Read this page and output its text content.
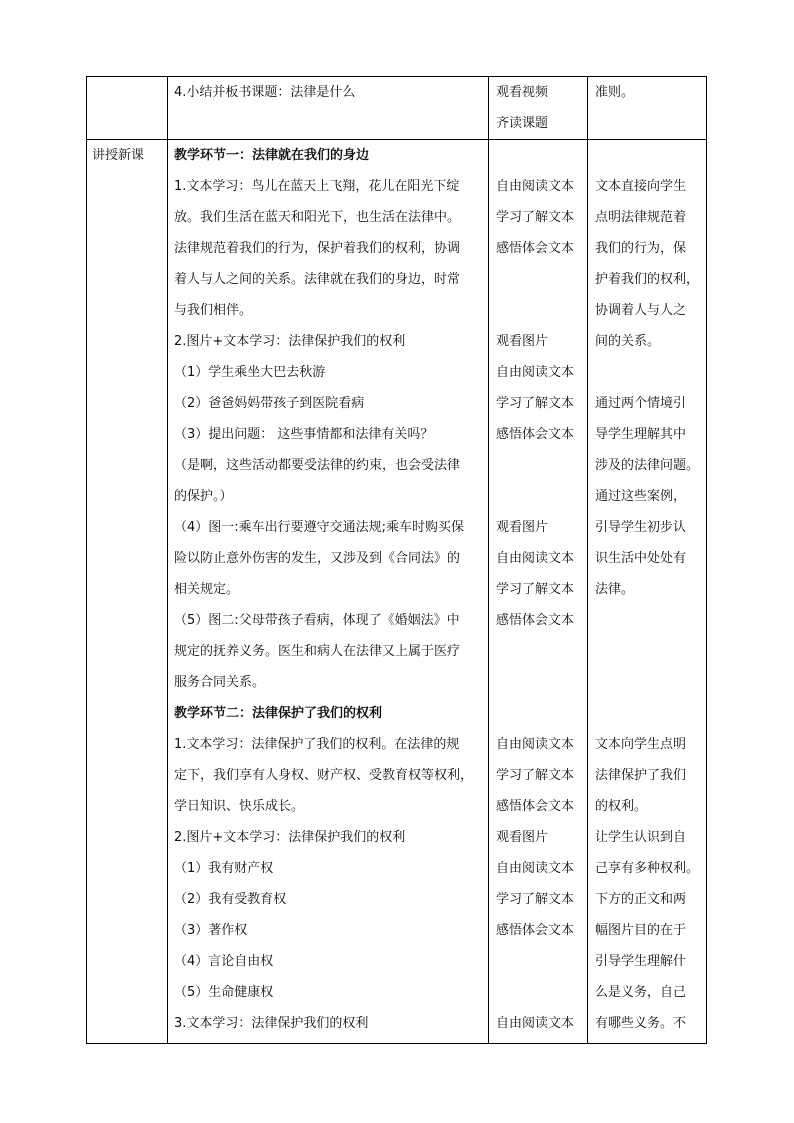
4.小结并板书课题：法律是什么	观看视频
齐读课题
准则。
讲授新课 教学环节一：法律就在我们的身边
1.文本学习：鸟儿在蓝天上飞翔，花儿在阳光下绽
放。我们生活在蓝天和阳光下，也生活在法律中。
法律规范着我们的行为，保护着我们的权利，协调
着人与人之间的关系。法律就在我们的身边，时常
与我们相伴。
2.图片+文本学习：法律保护我们的权利
（1）学生乘坐大巴去秋游
（2）爸爸妈妈带孩子到医院看病
（3）提出问题： 这些事情都和法律有关吗？
（是啊，这些活动都要受法律的约束，也会受法律
的保护。）
（4）图一:乘车出行要遵守交通法规;乘车时购买保
险以防止意外伤害的发生，又涉及到《合同法》的
相关规定。
（5）图二:父母带孩子看病，体现了《婚姻法》中
规定的抚养义务。医生和病人在法律又上属于医疗
服务合同关系。
教学环节二：法律保护了我们的权利
1.文本学习：法律保护了我们的权利。在法律的规
定下，我们享有人身权、财产权、受教育权等权利，
学日知识、快乐成长。
2.图片+文本学习：法律保护我们的权利
（1）我有财产权
（2）我有受教育权
（3）著作权
（4）言论自由权
（5）生命健康权
3.文本学习：法律保护我们的权利
自由阅读文本
学习了解文本
感悟体会文本
观看图片
自由阅读文本
学习了解文本
感悟体会文本
观看图片
自由阅读文本
学习了解文本
感悟体会文本
自由阅读文本
学习了解文本
感悟体会文本
观看图片
自由阅读文本
学习了解文本
感悟体会文本
自由阅读文本
文本直接向学生
点明法律规范着
我们的行为，保
护着我们的权利，
协调着人与人之
间的关系。
通过两个情境引
导学生理解其中
涉及的法律问题。
通过这些案例，
引导学生初步认
识生活中处处有
法律。
文本向学生点明
法律保护了我们
的权利。
让学生认识到自
己享有多种权利。
下方的正文和两
幅图片目的在于
引导学生理解什
么是义务，自己
有哪些义务。不
